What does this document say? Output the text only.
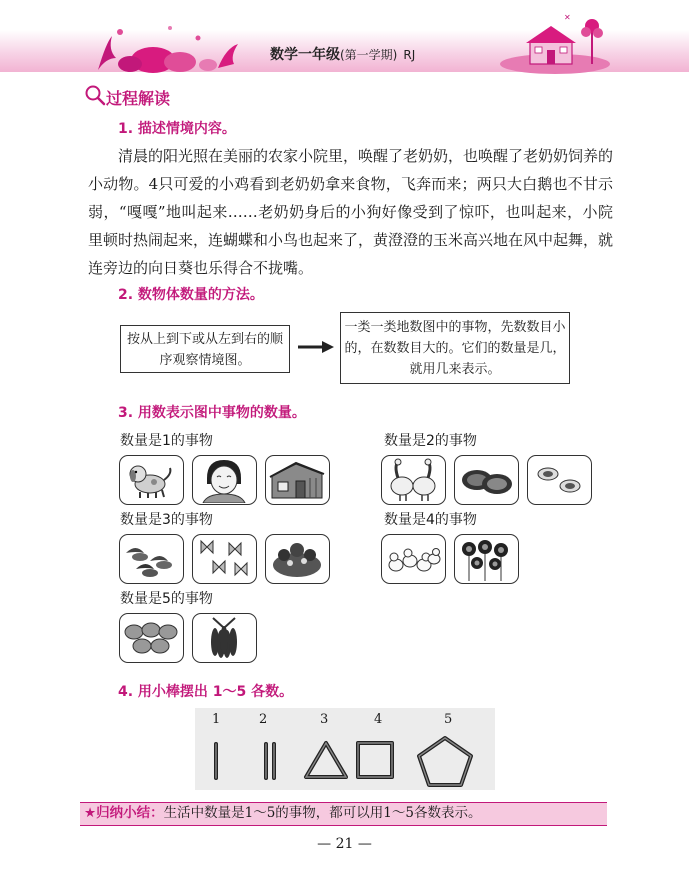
✕
数学一年级(第一学期) RJ
过程解读
1. 描述情境内容。
清晨的阳光照在美丽的农家小院里，唤醒了老奶奶，也唤醒了老奶奶饲养的小动物。4只可爱的小鸡看到老奶奶拿来食物，飞奔而来；两只大白鹅也不甘示弱，“嘎嘎”地叫起来……老奶奶身后的小狗好像受到了惊吓，也叫起来，小院里顿时热闹起来，连蝴蝶和小鸟也起来了，黄澄澄的玉米高兴地在风中起舞，就连旁边的向日葵也乐得合不拢嘴。
2. 数物体数量的方法。
按从上到下或从左到右的顺序观察情境图。
一类一类地数图中的事物，先数数目小的，在数数目大的。它们的数量是几，就用几来表示。
3. 用数表示图中事物的数量。
数量是1的事物	数量是2的事物
数量是3的事物	数量是4的事物
数量是5的事物
4. 用小棒摆出 1～5 各数。
1	2	3	4	5
★归纳小结：生活中数量是1～5的事物，都可以用1～5各数表示。
— 21 —
